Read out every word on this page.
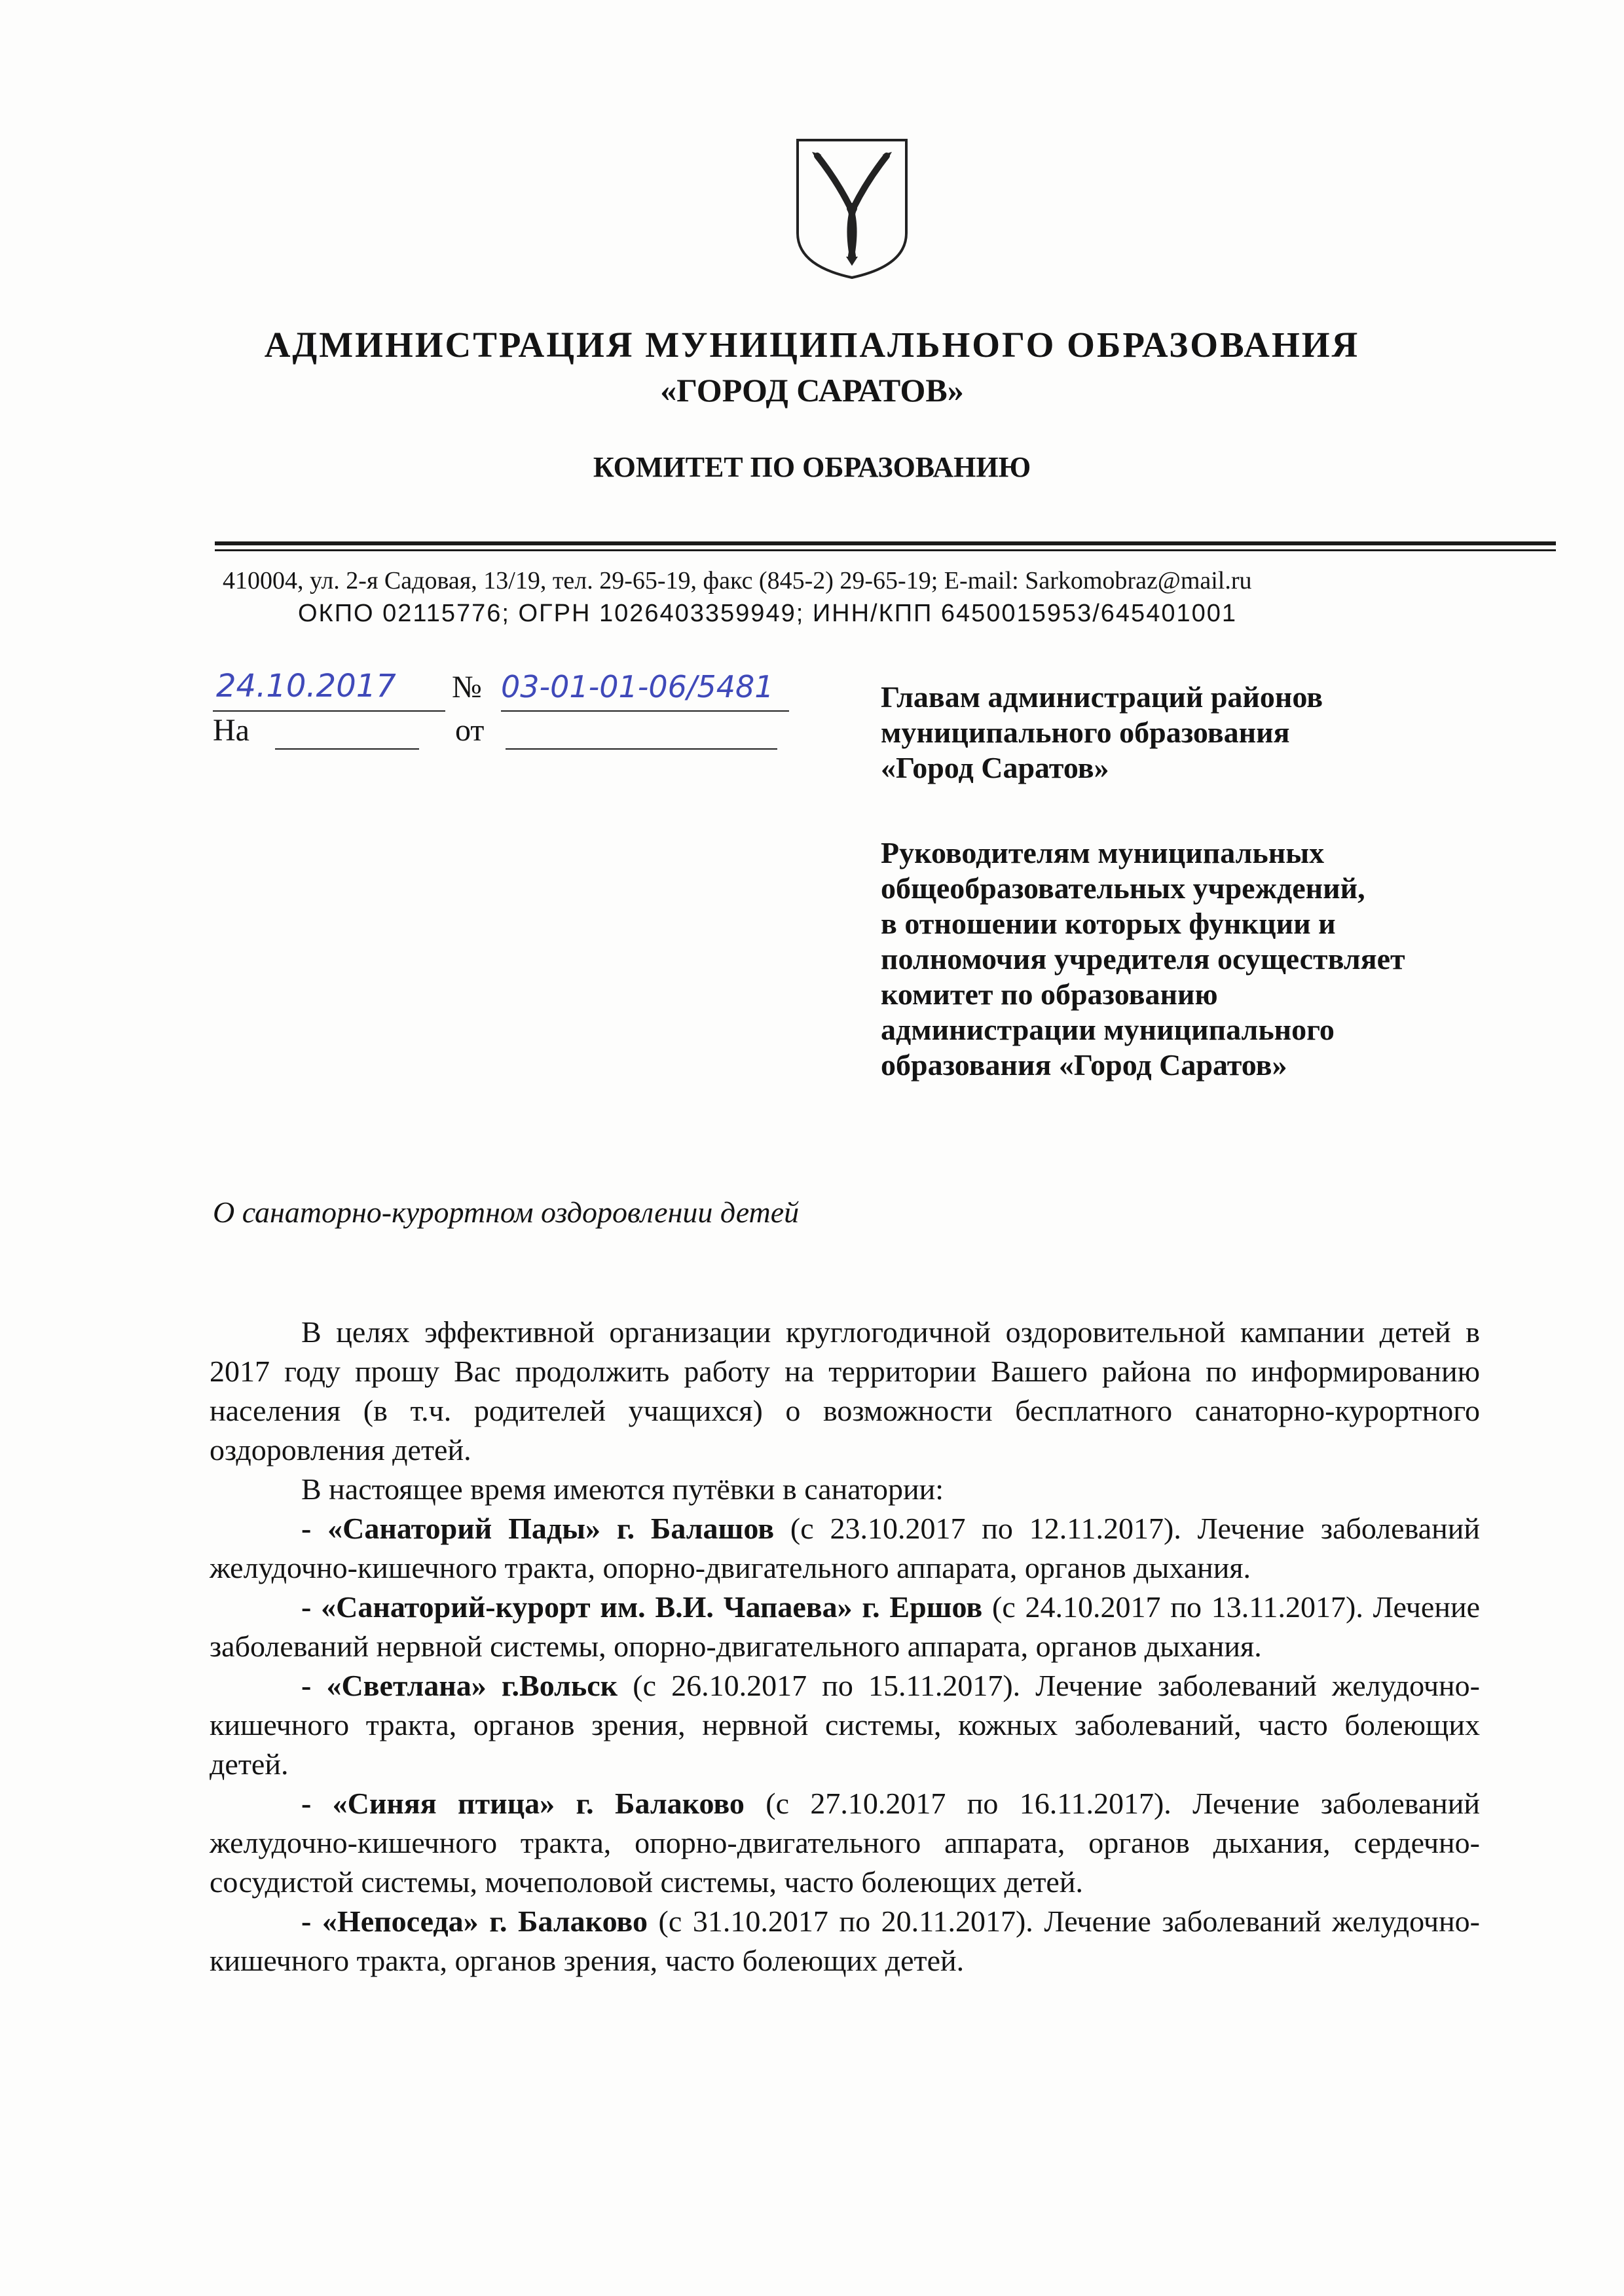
АДМИНИСТРАЦИЯ МУНИЦИПАЛЬНОГО ОБРАЗОВАНИЯ
«ГОРОД САРАТОВ»
КОМИТЕТ ПО ОБРАЗОВАНИЮ
410004, ул. 2-я Садовая, 13/19, тел. 29-65-19, факс (845-2) 29-65-19; E-mail: Sarkomobraz@mail.ru
ОКПО 02115776; ОГРН 1026403359949; ИНН/КПП 6450015953/645401001
24.10.2017 № 03-01-01-06/5481
На	от
Главам администраций районов
муниципального образования
«Город Саратов»
Руководителям муниципальных
общеобразовательных учреждений,
в отношении которых функции и
полномочия учредителя осуществляет
комитет по образованию
администрации муниципального
образования «Город Саратов»
О санаторно-курортном оздоровлении детей

В целях эффективной организации круглогодичной оздоровительной кампании детей в 2017 году прошу Вас продолжить работу на территории Вашего района по информированию населения (в т.ч. родителей учащихся) о возможности бесплатного санаторно-курортного оздоровления детей.

В настоящее время имеются путёвки в санатории:

- «Санаторий Пады» г. Балашов (с 23.10.2017 по 12.11.2017). Лечение заболеваний желудочно-кишечного тракта, опорно-двигательного аппарата, органов дыхания.

- «Санаторий-курорт им. В.И. Чапаева» г. Ершов (с 24.10.2017 по 13.11.2017). Лечение заболеваний нервной системы, опорно-двигательного аппарата, органов дыхания.

- «Светлана» г.Вольск (с 26.10.2017 по 15.11.2017). Лечение заболеваний желудочно-кишечного тракта, органов зрения, нервной системы, кожных заболеваний, часто болеющих детей.

- «Синяя птица» г. Балаково (с 27.10.2017 по 16.11.2017). Лечение заболеваний желудочно-кишечного тракта, опорно-двигательного аппарата, органов дыхания, сердечно-сосудистой системы, мочеполовой системы, часто болеющих детей.

- «Непоседа» г. Балаково (с 31.10.2017 по 20.11.2017). Лечение заболеваний желудочно-кишечного тракта, органов зрения, часто болеющих детей.
